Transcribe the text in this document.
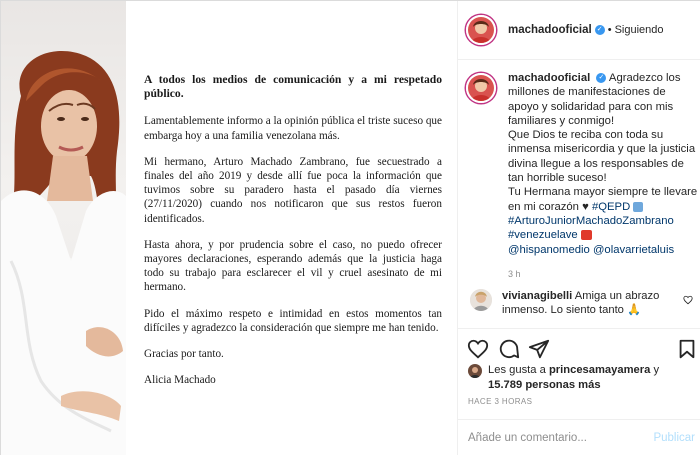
A todos los medios de comunicación y a mi respetado público.

Lamentablemente informo a la opinión pública el triste suceso que embarga hoy a una familia venezolana más.

Mi hermano, Arturo Machado Zambrano, fue secuestrado a finales del año 2019 y desde allí fue poca la información que tuvimos sobre su paradero hasta el pasado día viernes (27/11/2020) cuando nos notificaron que sus restos fueron identificados.

Hasta ahora, y por prudencia sobre el caso, no puedo ofrecer mayores declaraciones, esperando además que la justicia haga todo su trabajo para esclarecer el vil y cruel asesinato de mi hermano.

Pido el máximo respeto e intimidad en estos momentos tan difíciles y agradezco la consideración que siempre me han tenido.

Gracias por tanto.

Alicia Machado

machadooficial ✓ • Siguiendo
machadooficial ✓ Agradezco los millones de manifestaciones de apoyo y solidaridad para con mis familiares y conmigo!
Que Dios te reciba con toda su inmensa misericordia y que la justicia divina llegue a los responsables de tan horrible suceso!
Tu Hermana mayor siempre te llevare en mi corazón ♥ #QEPD
#ArturoJuniorMachadoZambrano
#venezuelave
@hispanomedio @olavarrietaluis
3 h
vivianagibelli Amiga un abrazo inmenso. Lo siento tanto 🙏
Les gusta a princesamayamera y
15.789 personas más
HACE 3 HORAS
Añade un comentario...
Publicar
